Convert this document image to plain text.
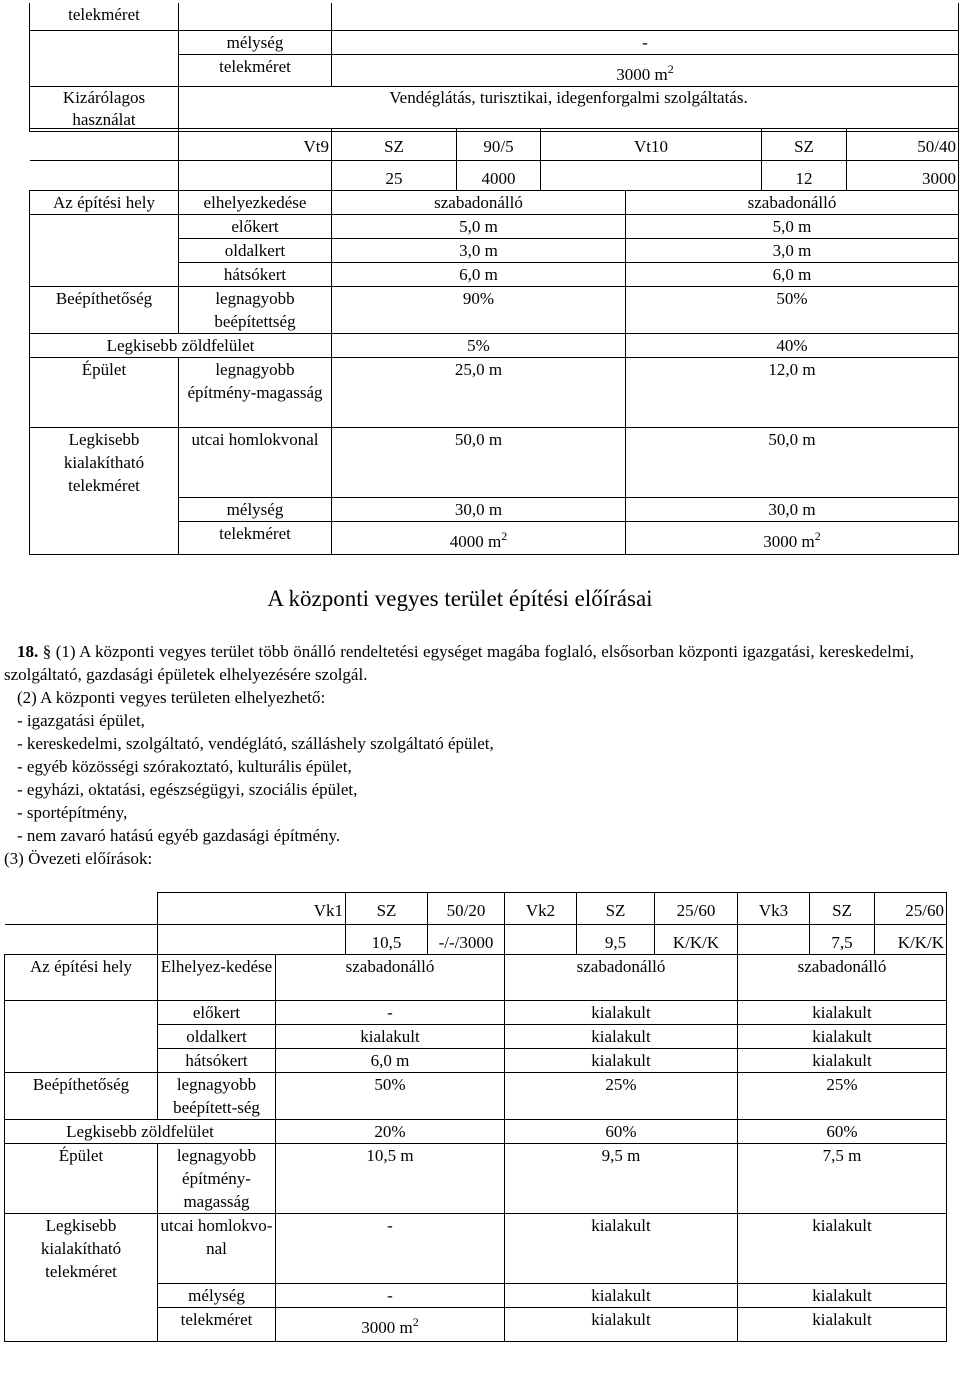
telekméret		
	mélység	-
	telekméret	3000 $m^2$
Kizárólagos használat	Vendéglátás, turisztikai, idegenforgalmi szolgáltatás.	
	Vt9	SZ	90/5	Vt10		SZ	50/40
		25	4000			12	3000
Az építési hely	elhelyezkedése	szabadonálló			szabadonálló		
	előkert	5,0 m			5,0 m		
	oldalkert	3,0 m			3,0 m		
	hátsókert	6,0 m			6,0 m		
Beépíthetőség	legnagyobb beépítettség	90%			50%		
Legkisebb zöldfelület		5%			40%		
Épület	legnagyobb építmény-magasság	25,0 m			12,0 m		
Legkisebb kialakítható telekméret	utcai homlokvonal	50,0 m			50,0 m		
	mélység	30,0 m			30,0 m		
	telekméret	4000 $m^2$			3000 $m^2$
A központi vegyes terület építési előírásai

18. § (1) A központi vegyes terület több önálló rendeltetési egységet magába foglaló, elsősorban központi igazgatási, kereskedelmi, szolgáltató, gazdasági épületek elhelyezésére szolgál.

(2) A központi vegyes területen elhelyezhető:

- igazgatási épület,

- kereskedelmi, szolgáltató, vendéglátó, szálláshely szolgáltató épület,

- egyéb közösségi szórakoztató, kulturális épület,

- egyházi, oktatási, egészségügyi, szociális épület,

- sportépítmény,

- nem zavaró hatású egyéb gazdasági építmény.

(3) Övezeti előírások:

	Vk1		SZ	50/20	Vk2	SZ	25/60	Vk3	SZ	25/60
			10,5	-/-/3000		9,5	K/K/K		7,5	K/K/K
Az építési hely	Elhelyez-kedése	szabadonálló			szabadonálló			szabadonálló		
	előkert	-			kialakult			kialakult		
	oldalkert	kialakult			kialakult			kialakult		
	hátsókert	6,0 m			kialakult			kialakult		
Beépíthetőség	legnagyobb beépített-ség	50%			25%			25%		
Legkisebb zöldfelület		20%			60%			60%		
Épület	legnagyobb építmény-magasság	10,5 m			9,5 m			7,5 m		
Legkisebb kialakítható telekméret	utcai homlokvo-nal	-			kialakult			kialakult		
	mélység	-			kialakult			kialakult		
	telekméret	3000 $m^2$			kialakult			kialakult		
